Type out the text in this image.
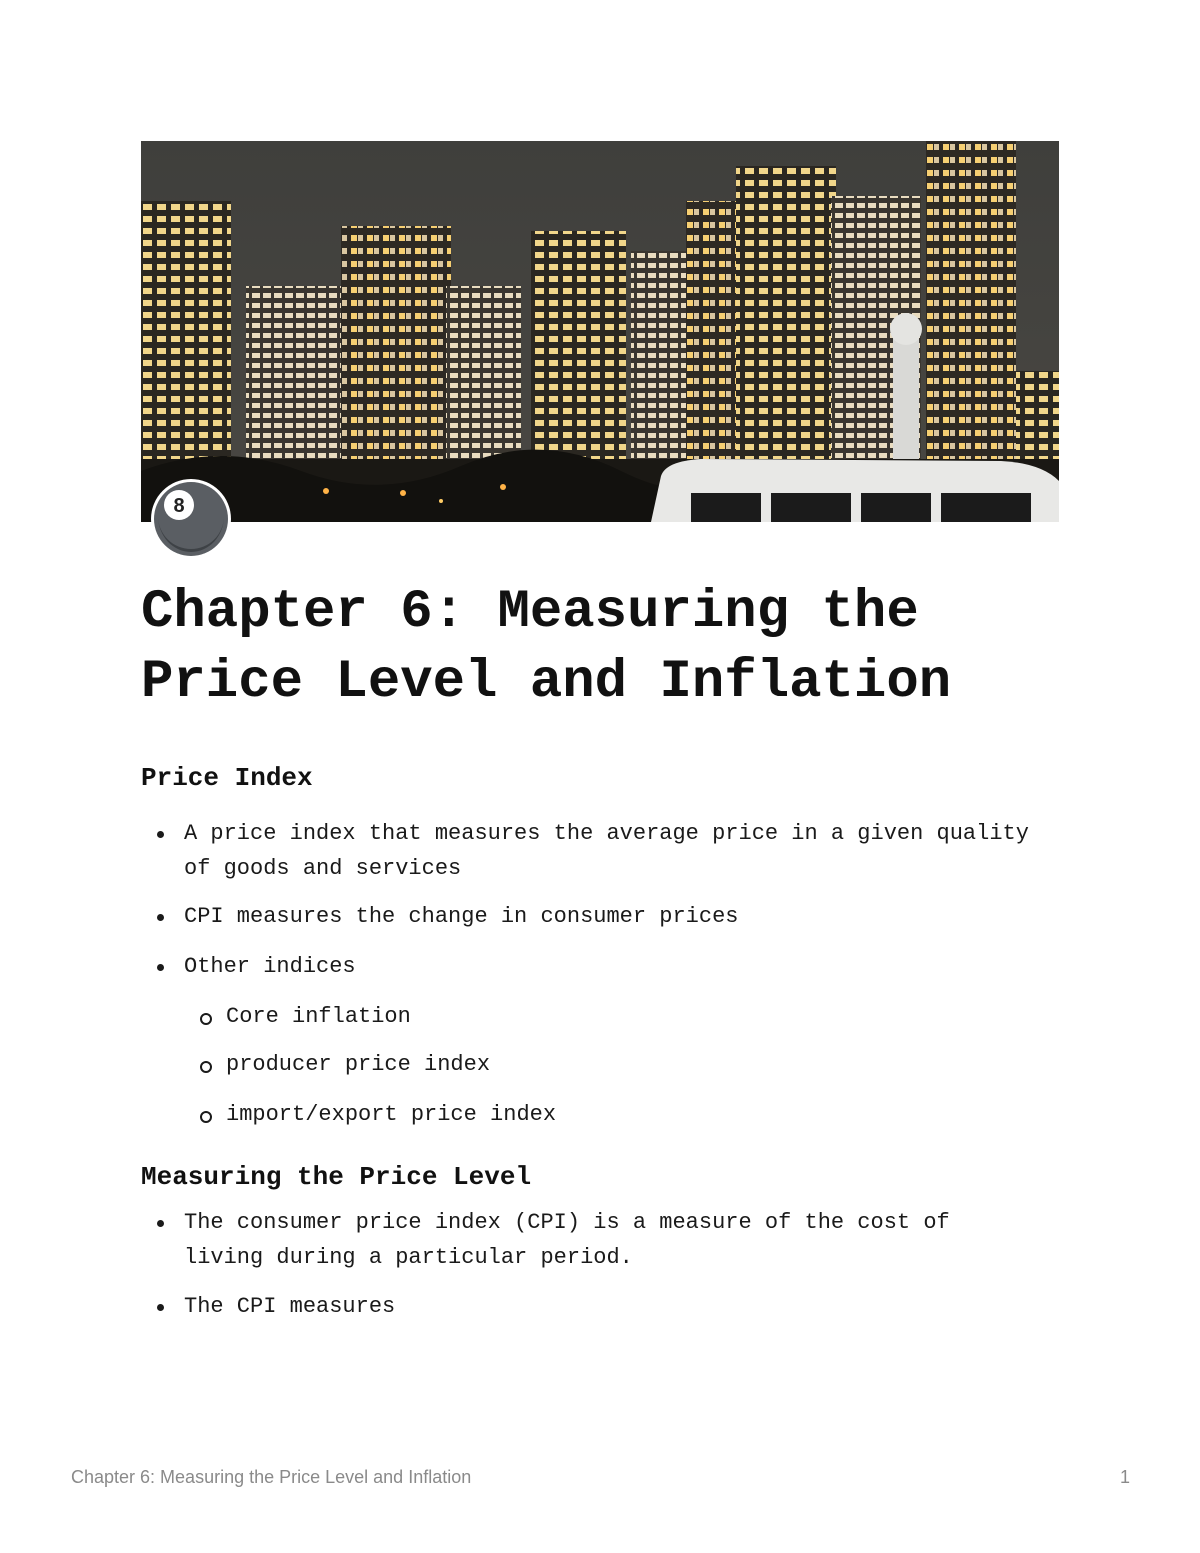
8
Chapter 6: Measuring the Price Level and Inflation
Price Index
A price index that measures the average price in a given quality of goods and services
CPI measures the change in consumer prices
Other indices
Core inflation
producer price index
import/export price index
Measuring the Price Level
The consumer price index (CPI) is a measure of the cost of living during a particular period.
The CPI measures
Chapter 6: Measuring the Price Level and Inflation	1
